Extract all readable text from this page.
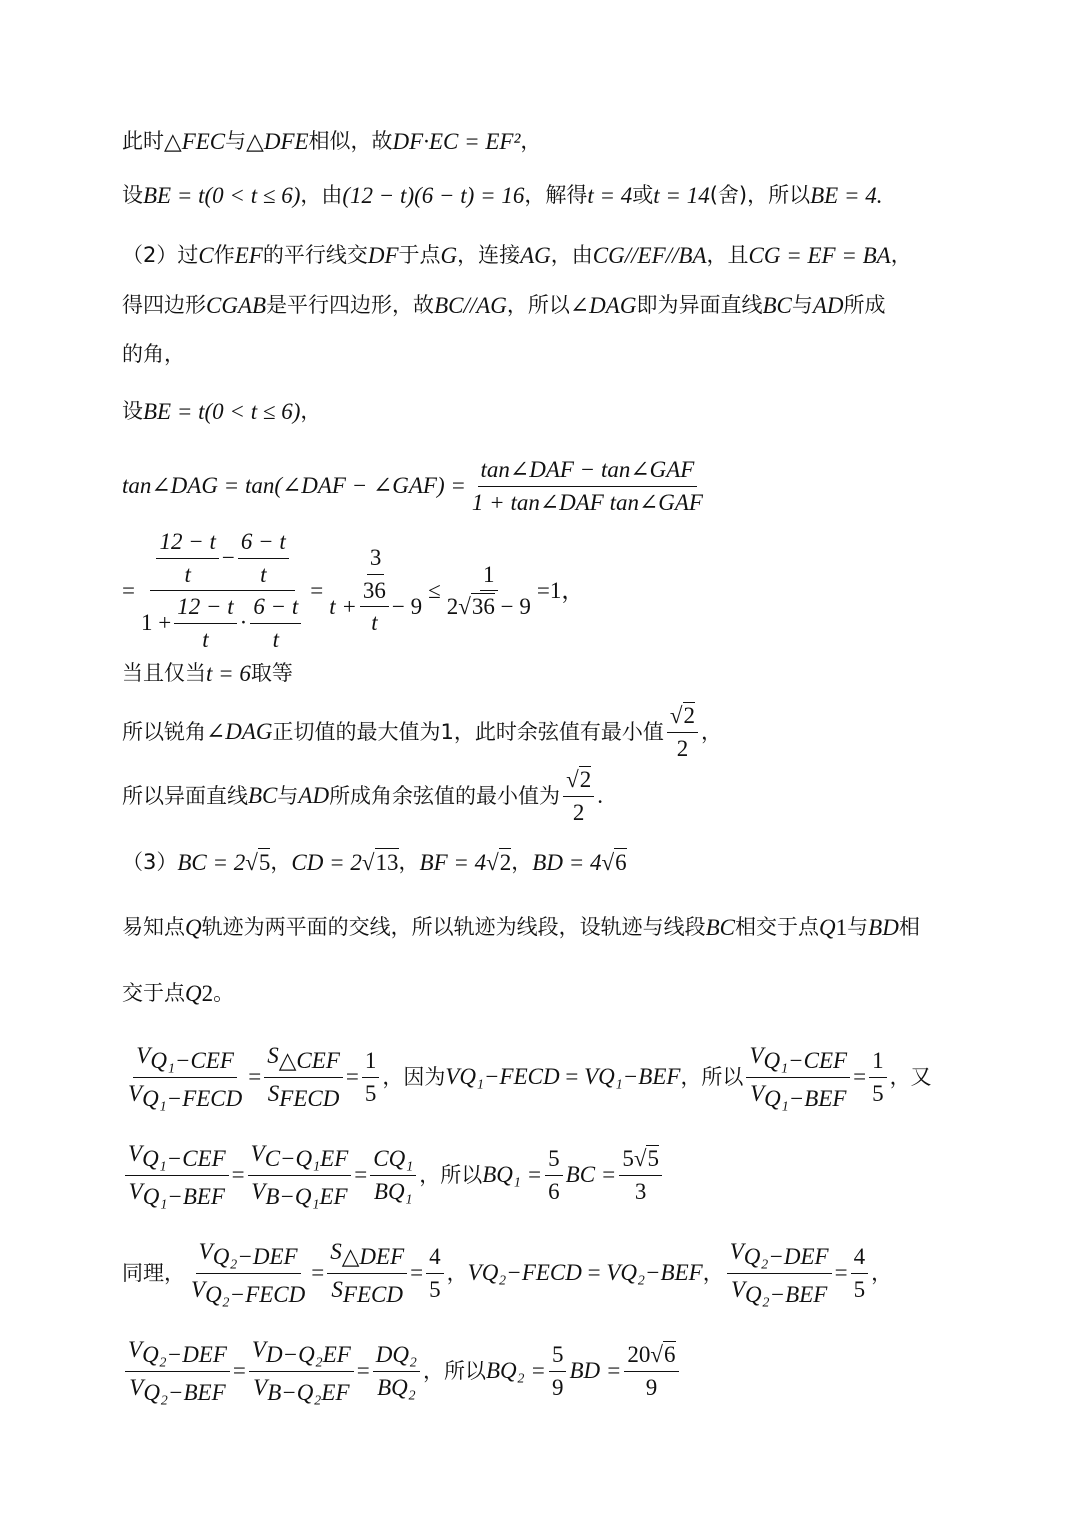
此时 △FEC 与 △DFE 相似，故 DF·EC = EF² ，
设 BE = t(0 < t ≤ 6) ，由 (12 − t)(6 − t) = 16 ，解得 t = 4 或 t = 14 (舍)，所以 BE = 4.
（2）过 C 作 EF 的平行线交 DF 于点 G ，连接 AG ，由 CG//EF//BA ，且 CG = EF = BA ，
得四边形 CGAB 是平行四边形，故 BC//AG ，所以 ∠DAG 即为异面直线 BC 与 AD 所成
的角，
设 BE = t(0 < t ≤ 6) ，
tan∠DAG = tan(∠DAF − ∠GAF) = $\frac{\text{tan∠DAF − tan∠GAF}}{\text{1 + tan∠DAF tan∠GAF}}$
=
$\frac{12 - t}{t} - \frac{6 - t}{t}$
$1 + \frac{12 - t}{t} \cdot \frac{6 - t}{t}$
= $\frac{3}{t + \frac{36}{t} - 9} \le \frac{1}{2√36 - 9} =1$，
当且仅当 t = 6 取等
所以锐角 ∠DAG 正切值的最大值为1，此时余弦值有最小值 $\frac{√2}{2}$ ，
所以异面直线 BC 与 AD 所成角余弦值的最小值为 $\frac{√2}{2}$ .
（3） BC = 2 √ 5 ， CD = 2 √ 13 ， BF = 4 √ 2 ， BD = 4 √ 6
易知点 Q 轨迹为两平面的交线，所以轨迹为线段，设轨迹与线段 BC 相交于点 Q 1 与 BD 相
交于点 Q 2 。
$\frac{V_{Q_1-CEF}}{V_{Q_1-FECD}} = \frac{S_{\triangle CEF}}{S_{FECD}} = \frac{1}{5}$ ，因为 V Q₁−FECD = V Q₁−BEF ，所以 $\frac{V_{Q_1-CEF}}{V_{Q_1-BEF}} = \frac{1}{5}$ ，又
$\frac{V_{Q_1-CEF}}{V_{Q_1-BEF}} = \frac{V_{C-Q_1EF}}{V_{B-Q_1EF}} = \frac{\text{CQ₁}}{\text{BQ₁}}$ ，所以 $BQ_1 = \frac{5}{6}$ BC = $\frac{5√5}{3}$
同理， $\frac{V_{Q_2-DEF}}{V_{Q_2-FECD}} = \frac{S_{\triangle DEF}}{S_{FECD}} = \frac{4}{5}$ ， V Q₂−FECD = V Q₂−BEF ， $\frac{V_{Q_2-DEF}}{V_{Q_2-BEF}} = \frac{4}{5}$ ，
$\frac{V_{Q_2-DEF}}{V_{Q_2-BEF}} = \frac{V_{D-Q_2EF}}{V_{B-Q_2EF}} = \frac{\text{DQ₂}}{\text{BQ₂}}$ ，所以 $BQ_2 = \frac{5}{9}$ BD = $\frac{20√6}{9}$
